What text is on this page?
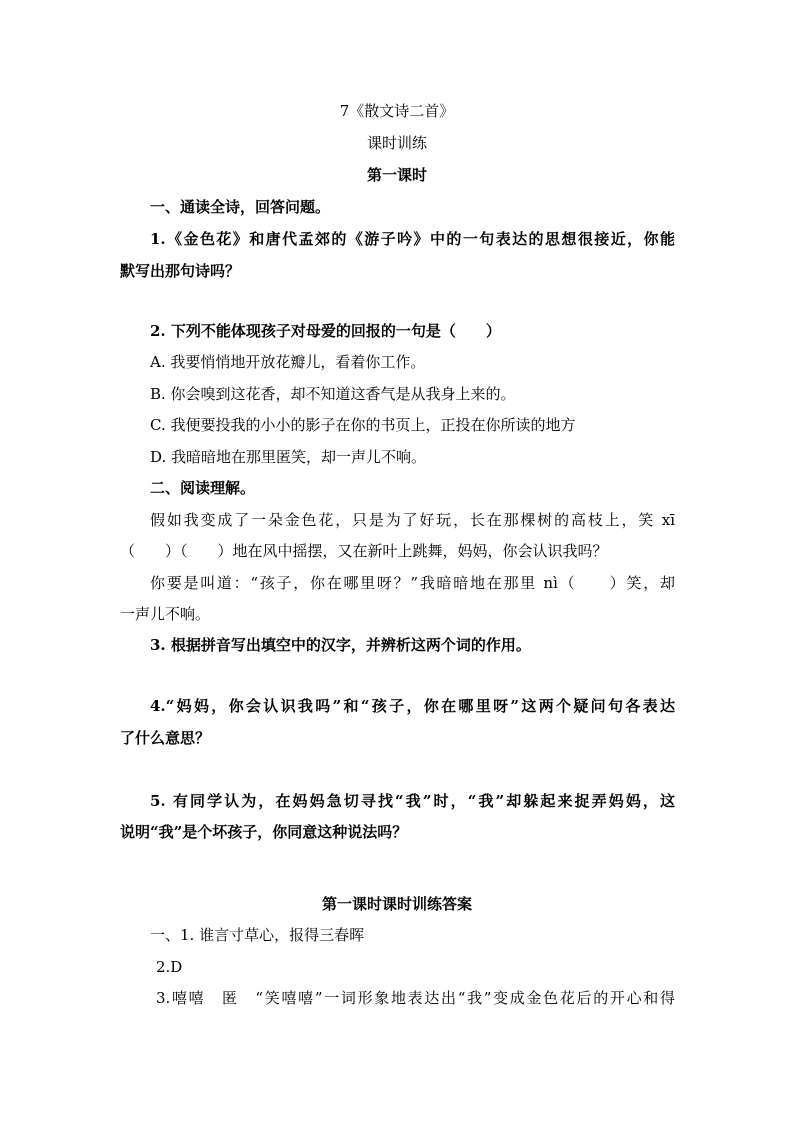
7《散文诗二首》
课时训练
第一课时
一、通读全诗，回答问题。
1.《金色花》和唐代孟郊的《游子吟》中的一句表达的思想很接近，你能
默写出那句诗吗？
2. 下列不能体现孩子对母爱的回报的一句是（　　）
A. 我要悄悄地开放花瓣儿，看着你工作。
B. 你会嗅到这花香，却不知道这香气是从我身上来的。
C. 我便要投我的小小的影子在你的书页上，正投在你所读的地方
D. 我暗暗地在那里匿笑，却一声儿不响。
二、阅读理解。
假如我变成了一朵金色花，只是为了好玩，长在那棵树的高枝上，笑 xī
（　　）（　　）地在风中摇摆，又在新叶上跳舞，妈妈，你会认识我吗？
你要是叫道：“孩子，你在哪里呀？”我暗暗地在那里 nì（　　）笑，却
一声儿不响。
3. 根据拼音写出填空中的汉字，并辨析这两个词的作用。
4.“妈妈，你会认识我吗”和“孩子，你在哪里呀”这两个疑问句各表达
了什么意思？
5. 有同学认为，在妈妈急切寻找“我”时，“我”却躲起来捉弄妈妈，这
说明“我”是个坏孩子，你同意这种说法吗？
第一课时课时训练答案
一、1. 谁言寸草心，报得三春晖
2.D
3.嘻嘻　匿　“笑嘻嘻”一词形象地表达出“我”变成金色花后的开心和得
